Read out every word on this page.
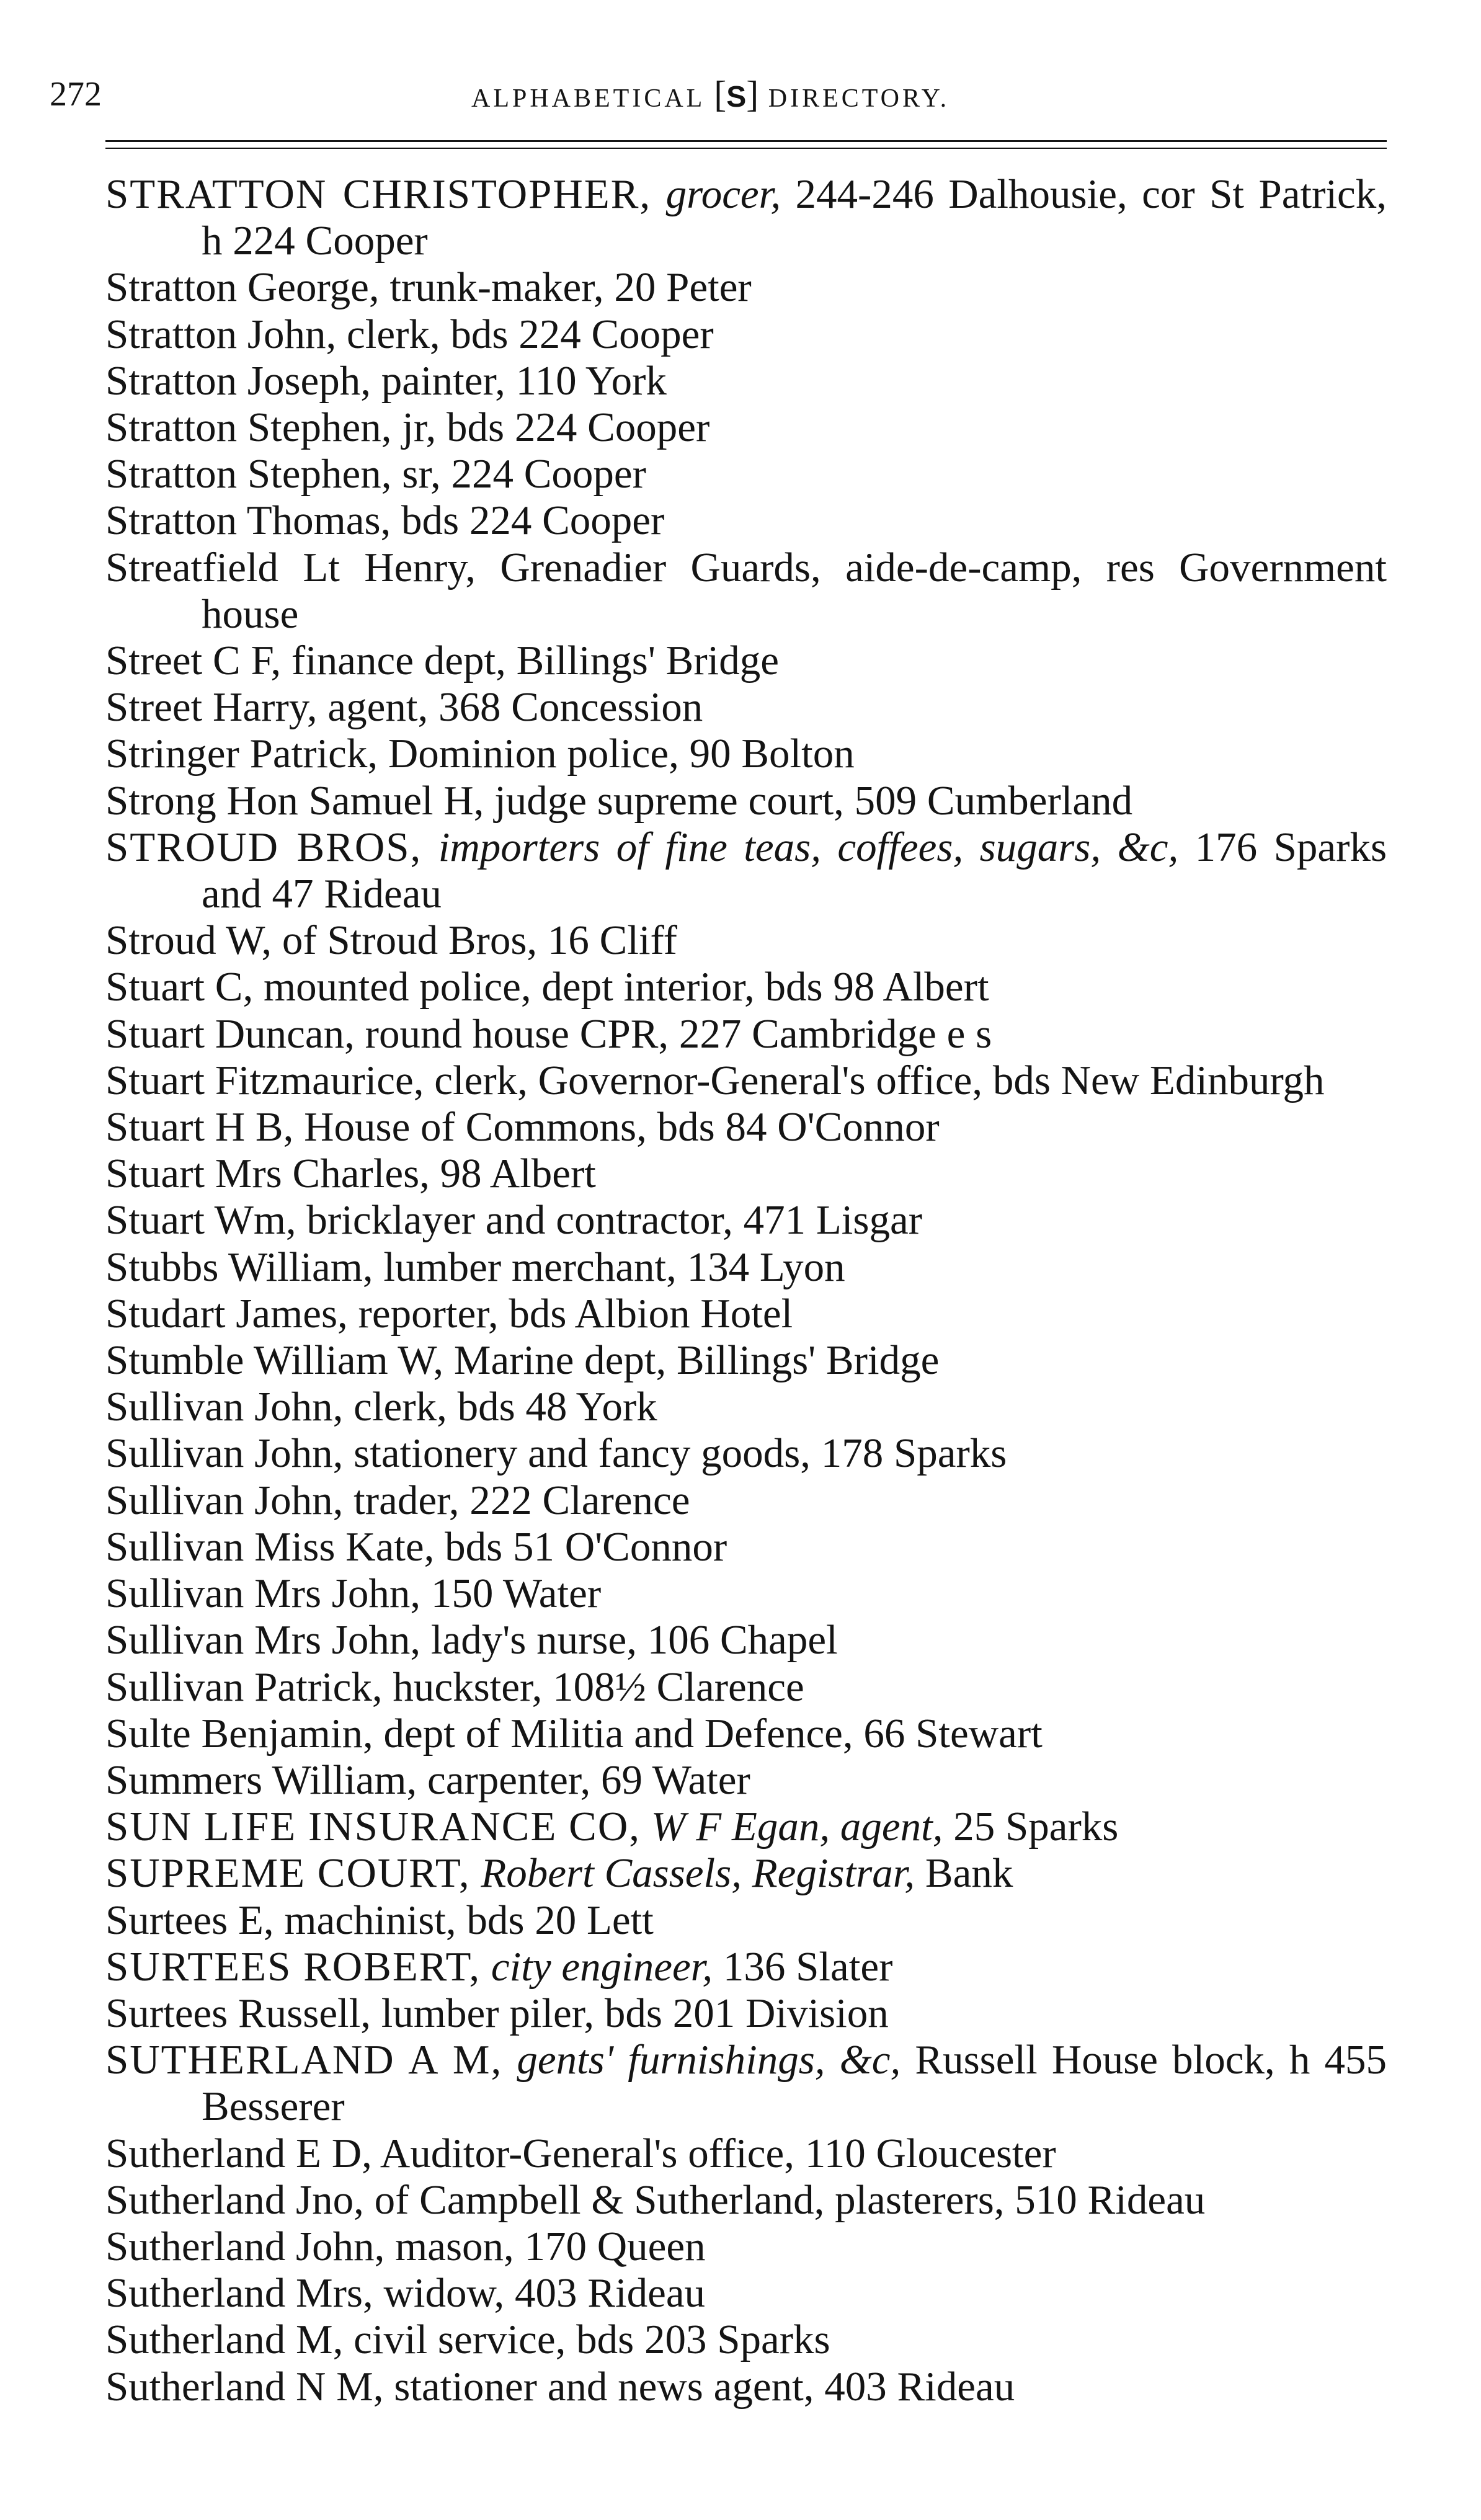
272	ALPHABETICAL [S] DIRECTORY.
STRATTON CHRISTOPHER, grocer, 244-246 Dalhousie, cor St Patrick, h 224 Cooper
Stratton George, trunk-maker, 20 Peter
Stratton John, clerk, bds 224 Cooper
Stratton Joseph, painter, 110 York
Stratton Stephen, jr, bds 224 Cooper
Stratton Stephen, sr, 224 Cooper
Stratton Thomas, bds 224 Cooper
Streatfield Lt Henry, Grenadier Guards, aide-de-camp, res Government house
Street C F, finance dept, Billings' Bridge
Street Harry, agent, 368 Concession
Stringer Patrick, Dominion police, 90 Bolton
Strong Hon Samuel H, judge supreme court, 509 Cumberland
STROUD BROS, importers of fine teas, coffees, sugars, &c, 176 Sparks and 47 Rideau
Stroud W, of Stroud Bros, 16 Cliff
Stuart C, mounted police, dept interior, bds 98 Albert
Stuart Duncan, round house CPR, 227 Cambridge e s
Stuart Fitzmaurice, clerk, Governor-General's office, bds New Edinburgh
Stuart H B, House of Commons, bds 84 O'Connor
Stuart Mrs Charles, 98 Albert
Stuart Wm, bricklayer and contractor, 471 Lisgar
Stubbs William, lumber merchant, 134 Lyon
Studart James, reporter, bds Albion Hotel
Stumble William W, Marine dept, Billings' Bridge
Sullivan John, clerk, bds 48 York
Sullivan John, stationery and fancy goods, 178 Sparks
Sullivan John, trader, 222 Clarence
Sullivan Miss Kate, bds 51 O'Connor
Sullivan Mrs John, 150 Water
Sullivan Mrs John, lady's nurse, 106 Chapel
Sullivan Patrick, huckster, 108½ Clarence
Sulte Benjamin, dept of Militia and Defence, 66 Stewart
Summers William, carpenter, 69 Water
SUN LIFE INSURANCE CO, W F Egan, agent, 25 Sparks
SUPREME COURT, Robert Cassels, Registrar, Bank
Surtees E, machinist, bds 20 Lett
SURTEES ROBERT, city engineer, 136 Slater
Surtees Russell, lumber piler, bds 201 Division
SUTHERLAND A M, gents' furnishings, &c, Russell House block, h 455 Besserer
Sutherland E D, Auditor-General's office, 110 Gloucester
Sutherland Jno, of Campbell & Sutherland, plasterers, 510 Rideau
Sutherland John, mason, 170 Queen
Sutherland Mrs, widow, 403 Rideau
Sutherland M, civil service, bds 203 Sparks
Sutherland N M, stationer and news agent, 403 Rideau
